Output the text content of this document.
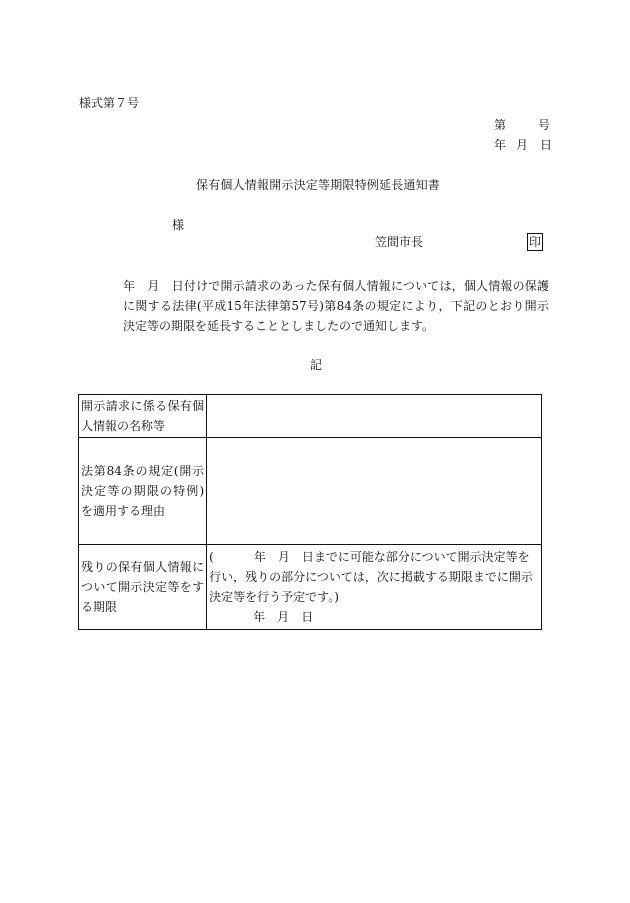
様式第７号
第	号
年 月 日
保有個人情報開示決定等期限特例延長通知書
様
笠間市長	印

年 月 日付けで開示請求のあった保有個人情報については，個人情報の保護に関する法律(平成15年法律第57号)第84条の規定により，下記のとおり開示決定等の期限を延長することとしましたので通知します。

記
開示請求に係る保有個人情報の名称等	
法第84条の規定(開示決定等の期限の特例)を適用する理由	
残りの保有個人情報について開示決定等をする期限	( 年 月 日までに可能な部分について開示決定等を行い，残りの部分については，次に掲載する期限までに開示決定等を行う予定です。)
年 月 日
